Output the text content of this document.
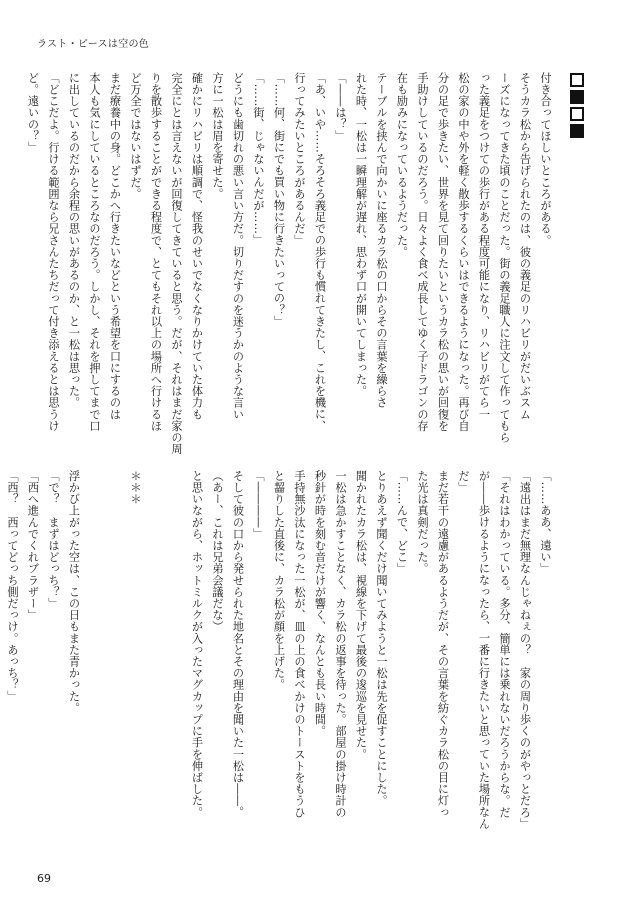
ラスト・ピースは空の色
付き合ってほしいところがある。
そうカラ松から告げられたのは、彼の義足のリハビリがだいぶスム
ーズになってきた頃のことだった。街の義足職人に注文して作ってもら
った義足をつけての歩行がある程度可能になり、リハビリがてら一
松の家の中や外を軽く散歩するくらいはできるようになった。再び自
分の足で歩きたい、世界を見て回りたいというカラ松の思いが回復を
手助けしているのだろう。日々よく食べ成長してゆく子ドラゴンの存
在も励みになっているようだった。
テーブルを挟んで向かいに座るカラ松の口からその言葉を繰らさ
れた時、一松は一瞬理解が遅れ、思わず口が開いてしまった。
「――は？」
「あ、いや……そろそろ義足での歩行も慣れてきたし、これを機に、
行ってみたいところがあるんだ」
「……何、街にでも買い物に行きたいっての？」
「……街、じゃないんだが……」
どうにも歯切れの悪い言い方だ。切りだすのを迷うかのような言い
方に一松は眉を寄せた。
確かにリハビリは順調で、怪我のせいでなくなりかけていた体力も
完全にとは言えないが回復してきていると思う。だが、それはまだ家の周
りを散歩することができる程度で、とてもそれ以上の場所へ行けるほ
ど万全ではないはずだ。
まだ療養中の身。どこかへ行きたいなどという希望を口にするのは
本人も気にしているところなのだろう。しかし、それを押してまで口
に出しているのだから余程の思いがあるのか、と一松は思った。
「どこだよ。行ける範囲なら兄さんたちだって付き添えるとは思うけ
ど。遠いの？」
「……ああ、遠い」
「遠出はまだ無理なんじゃねぇの？　家の周り歩くのがやっとだろ」
「それはわかっている。多分、簡単には乗れないだろうからな。だ
が――歩けるようになったら、一番に行きたいと思っていた場所なん
だ」
まだ若干の遠慮があるようだが、その言葉を紡ぐカラ松の目に灯っ
た光は真剣だった。
「……んで、どこ」
とりあえず聞くだけ聞いてみようと一松は先を促すことにした。
聞かれたカラ松は、視線を下げて最後の逡巡を見せた。
一松は急かすことなく、カラ松の返事を待った。部屋の掛け時計の
秒針が時を刻む音だけが響く、なんとも長い時間。
手持無沙汰になった一松が、皿の上の食べかけのトーストをもうひ
と齧りした直後に、カラ松が顔を上げた。
「――――」
そして彼の口から発せられた地名とその理由を聞いた一松は――。
（あー、これは兄弟会議だな）
と思いながら、ホットミルクが入ったマグカップに手を伸ばした。

＊＊＊

浮かび上がった空は、この日もまた青かった。
「で？　まずはどっち？」
「西へ進んでくれブラザー」
「西？　西ってどっち側だっけ。あっち？」
69
